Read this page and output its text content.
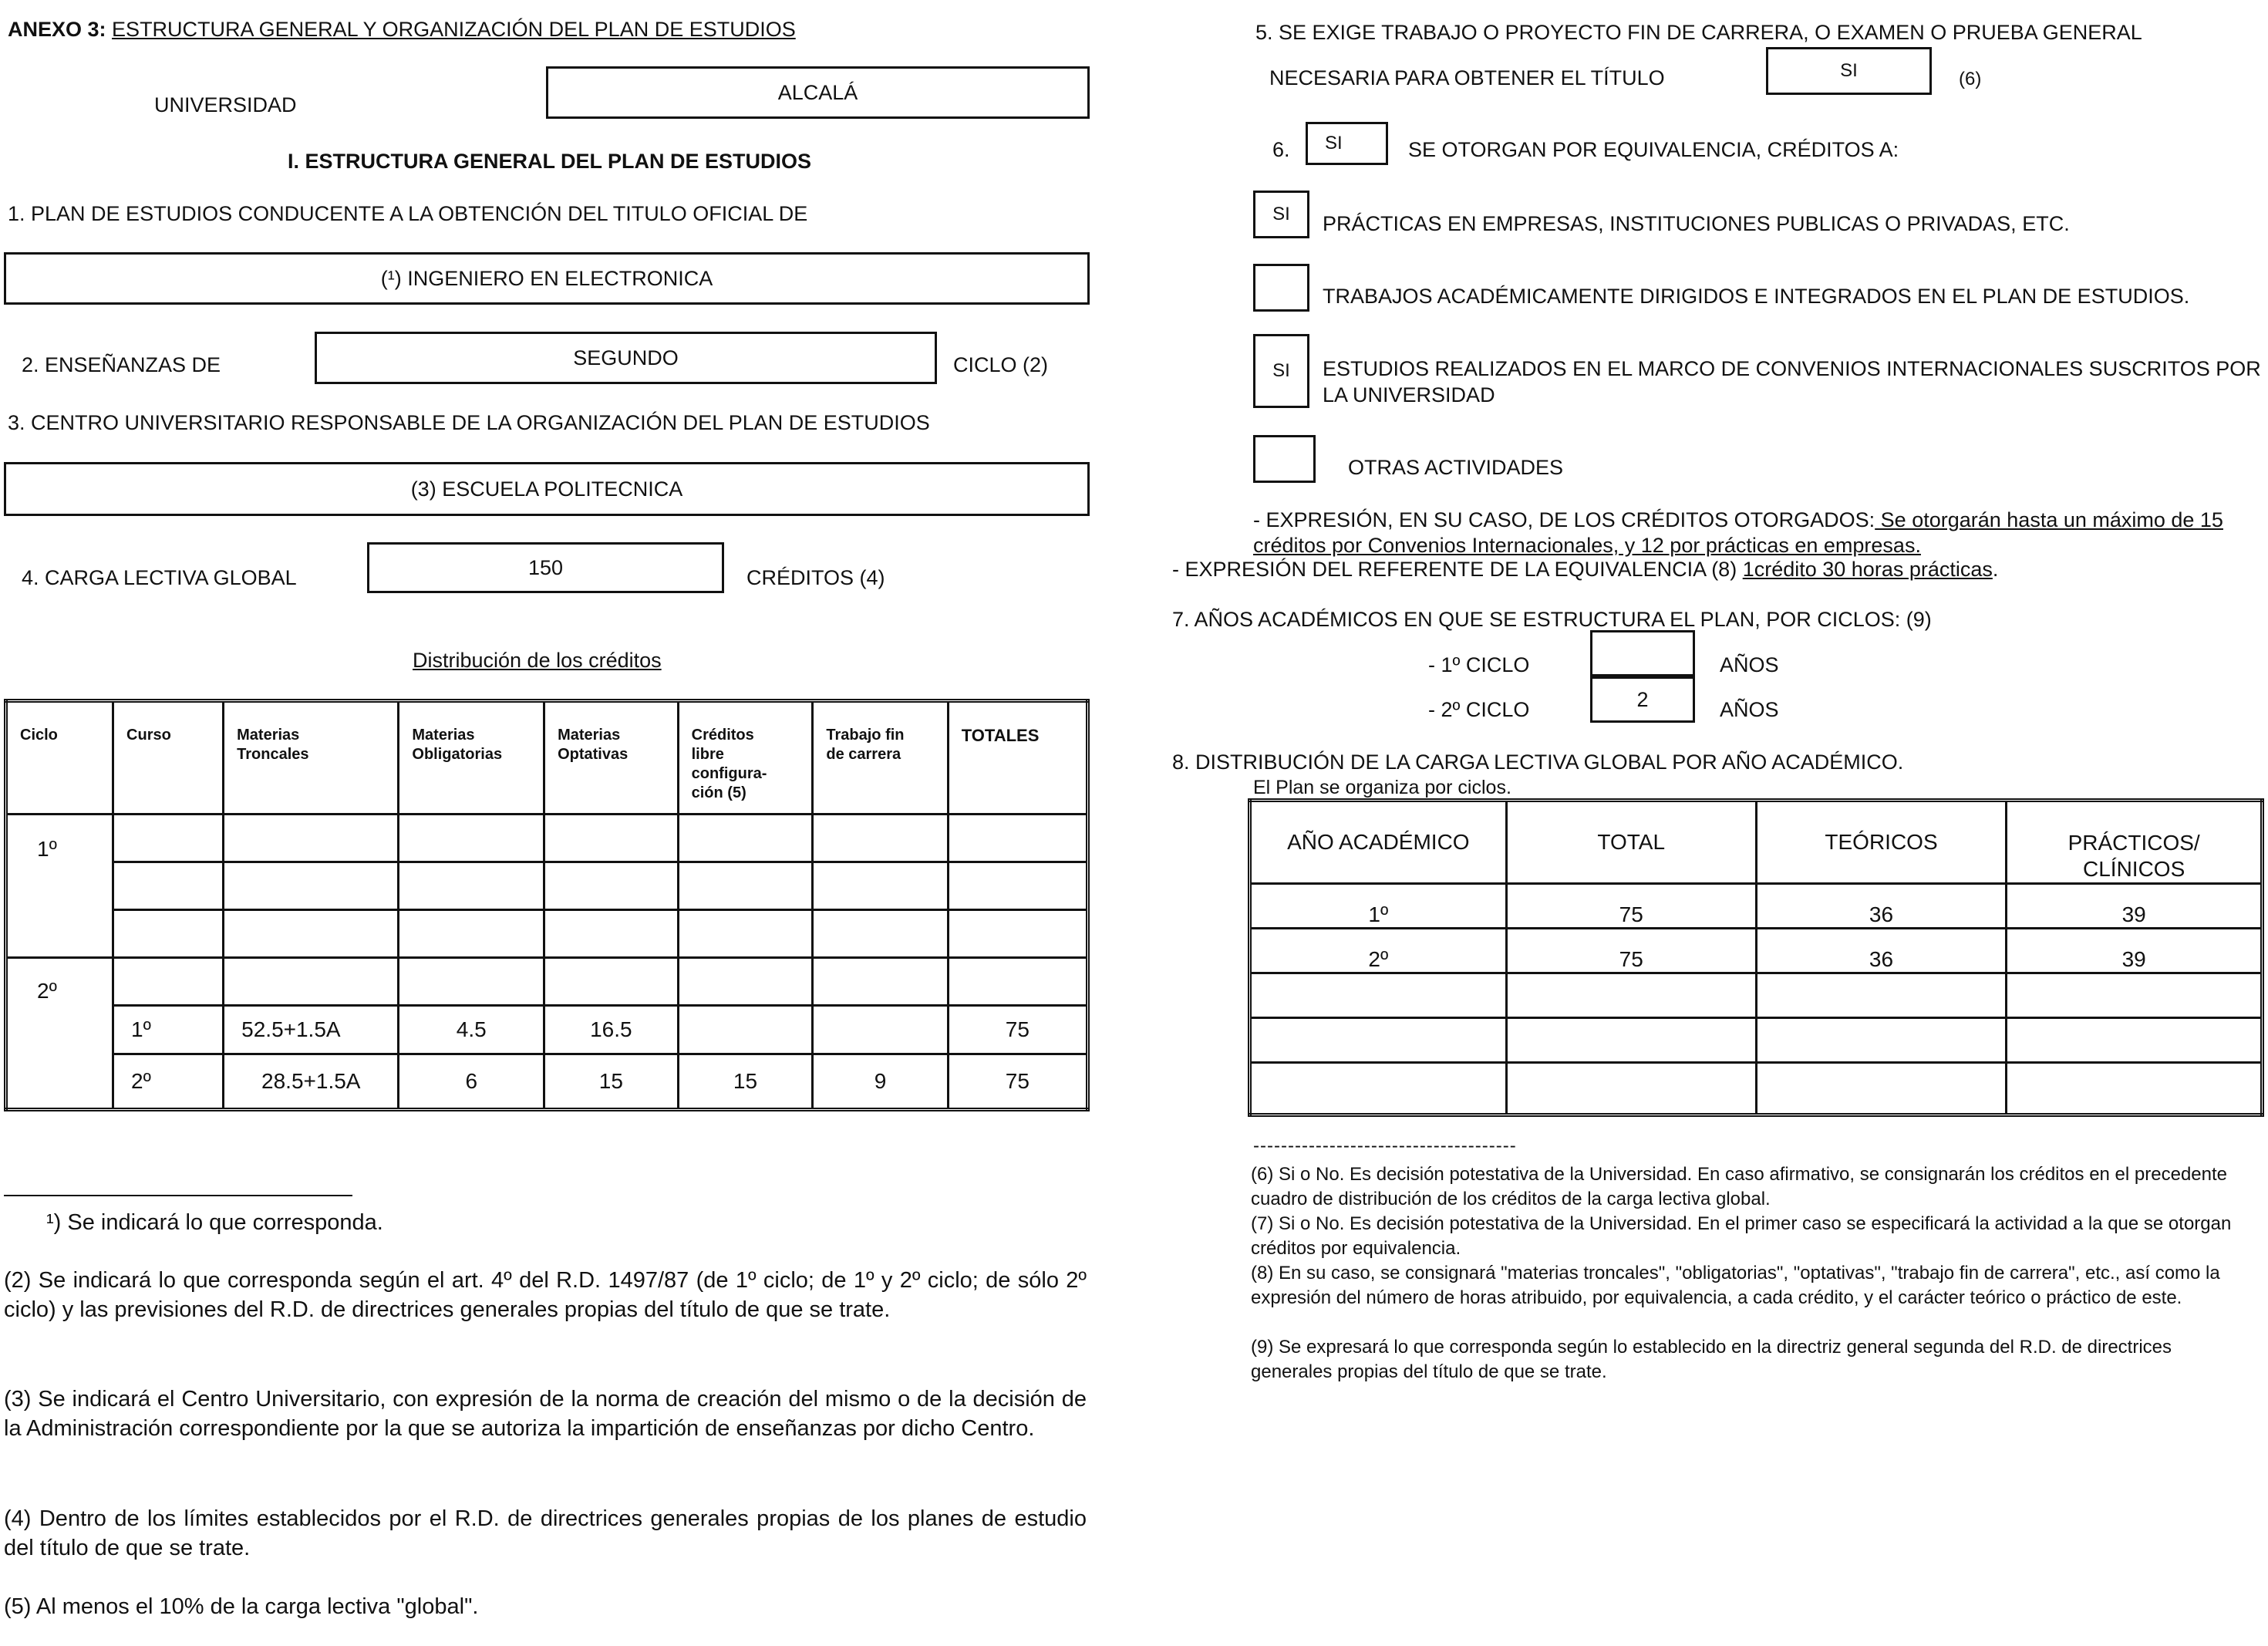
ANEXO 3: ESTRUCTURA GENERAL Y ORGANIZACIÓN DEL PLAN DE ESTUDIOS
UNIVERSIDAD
ALCALÁ
I. ESTRUCTURA GENERAL DEL PLAN DE ESTUDIOS
1. PLAN DE ESTUDIOS CONDUCENTE A LA OBTENCIÓN DEL TITULO OFICIAL DE
(¹) INGENIERO EN ELECTRONICA
2. ENSEÑANZAS DE	SEGUNDO	CICLO (2)
3. CENTRO UNIVERSITARIO RESPONSABLE DE LA ORGANIZACIÓN DEL PLAN DE ESTUDIOS
(3) ESCUELA POLITECNICA
4. CARGA LECTIVA GLOBAL	150	CRÉDITOS (4)
Distribución de los créditos
Ciclo	Curso	Materias Troncales	Materias Obligatorias	Materias Optativas	Créditos libre configura-ción (5)	Trabajo fin de carrera	TOTALES
1º							

2º							
	1º	52.5+1.5A	4.5	16.5			75
	2º	28.5+1.5A	6	15	15	9	75
¹) Se indicará lo que corresponda.
(2) Se indicará lo que corresponda según el art. 4º del R.D. 1497/87 (de 1º ciclo; de 1º y 2º ciclo; de sólo 2º ciclo) y las previsiones del R.D. de directrices generales propias del título de que se trate.
(3) Se indicará el Centro Universitario, con expresión de la norma de creación del mismo o de la decisión de la Administración correspondiente por la que se autoriza la impartición de enseñanzas por dicho Centro.
(4) Dentro de los límites establecidos por el R.D. de directrices generales propias de los planes de estudio del título de que se trate.
(5) Al menos el 10% de la carga lectiva "global".
5. SE EXIGE TRABAJO O PROYECTO FIN DE CARRERA, O EXAMEN O PRUEBA GENERAL
NECESARIA PARA OBTENER EL TÍTULO	SI	(6)
6. SI	SE OTORGAN POR EQUIVALENCIA, CRÉDITOS A:
SI PRÁCTICAS EN EMPRESAS, INSTITUCIONES PUBLICAS O PRIVADAS, ETC.
TRABAJOS ACADÉMICAMENTE DIRIGIDOS E INTEGRADOS EN EL PLAN DE ESTUDIOS.
SI ESTUDIOS REALIZADOS EN EL MARCO DE CONVENIOS INTERNACIONALES SUSCRITOS POR
LA UNIVERSIDAD
OTRAS ACTIVIDADES
- EXPRESIÓN, EN SU CASO, DE LOS CRÉDITOS OTORGADOS: Se otorgarán hasta un máximo de 15
créditos por Convenios Internacionales, y 12 por prácticas en empresas.
- EXPRESIÓN DEL REFERENTE DE LA EQUIVALENCIA (8) 1crédito 30 horas prácticas.
7. AÑOS ACADÉMICOS EN QUE SE ESTRUCTURA EL PLAN, POR CICLOS: (9)
- 1º CICLO	AÑOS
- 2º CICLO	2	AÑOS
8. DISTRIBUCIÓN DE LA CARGA LECTIVA GLOBAL POR AÑO ACADÉMICO.
El Plan se organiza por ciclos.
AÑO ACADÉMICO	TOTAL	TEÓRICOS	PRÁCTICOS/ CLÍNICOS
1º	75	36	39
2º	75	36	39

--------------------------------------
(6) Si o No. Es decisión potestativa de la Universidad. En caso afirmativo, se consignarán los créditos en el precedente cuadro de distribución de los créditos de la carga lectiva global.
(7) Si o No. Es decisión potestativa de la Universidad. En el primer caso se especificará la actividad a la que se otorgan créditos por equivalencia.
(8) En su caso, se consignará "materias troncales", "obligatorias", "optativas", "trabajo fin de carrera", etc., así como la expresión del número de horas atribuido, por equivalencia, a cada crédito, y el carácter teórico o práctico de este.
(9) Se expresará lo que corresponda según lo establecido en la directriz general segunda del R.D. de directrices generales propias del título de que se trate.
